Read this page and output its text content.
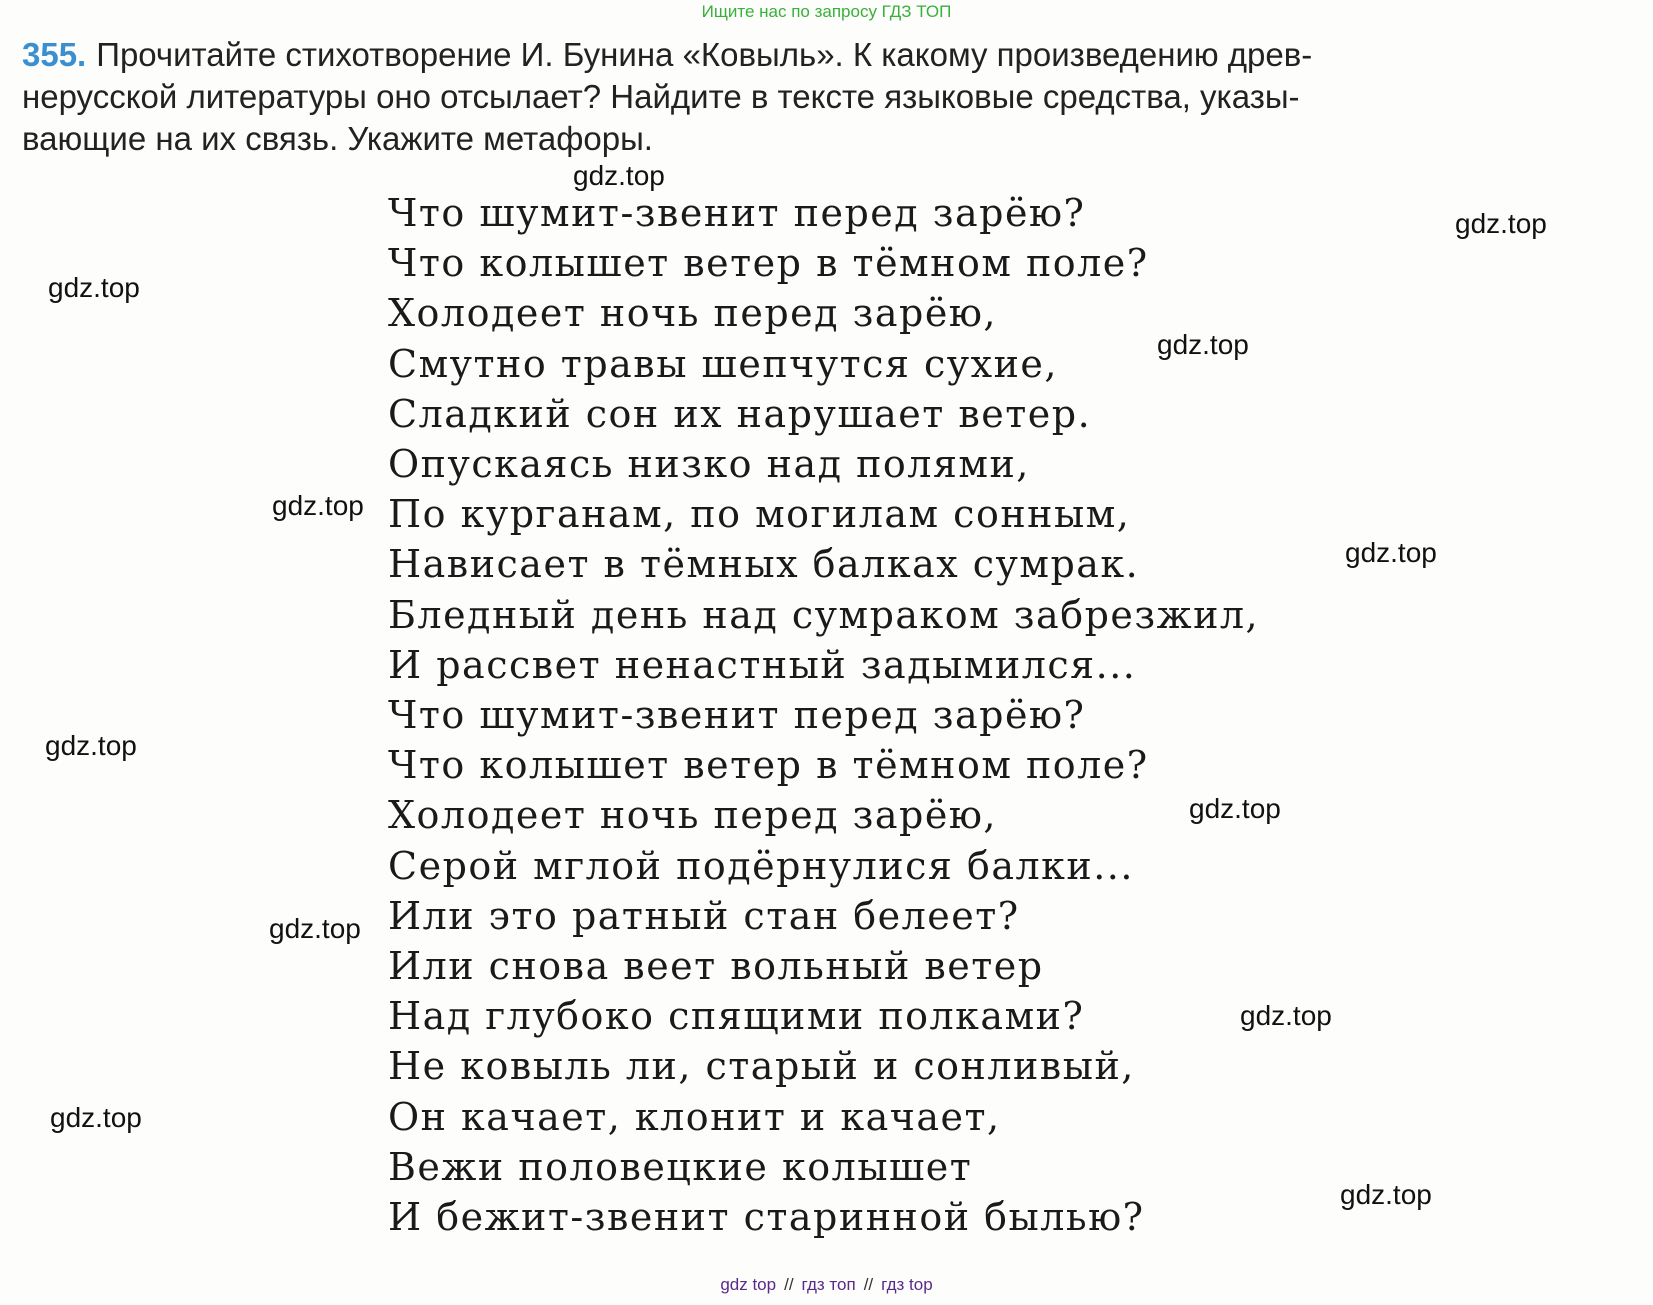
Ищите нас по запросу ГДЗ ТОП
355. Прочитайте стихотворение И. Бунина «Ковыль». К какому произведению древ-
нерусской литературы оно отсылает? Найдите в тексте языковые средства, указы-
вающие на их связь. Укажите метафоры.
Что шумит-звенит перед зарёю?
Что колышет ветер в тёмном поле?
Холодеет ночь перед зарёю,
Смутно травы шепчутся сухие,
Сладкий сон их нарушает ветер.
Опускаясь низко над полями,
По курганам, по могилам сонным,
Нависает в тёмных балках сумрак.
Бледный день над сумраком забрезжил,
И рассвет ненастный задымился...
Что шумит-звенит перед зарёю?
Что колышет ветер в тёмном поле?
Холодеет ночь перед зарёю,
Серой мглой подёрнулися балки...
Или это ратный стан белеет?
Или снова веет вольный ветер
Над глубоко спящими полками?
Не ковыль ли, старый и сонливый,
Он качает, клонит и качает,
Вежи половецкие колышет
И бежит-звенит старинной былью?
gdz.top
gdz.top
gdz.top
gdz.top
gdz.top
gdz.top
gdz.top
gdz.top
gdz.top
gdz.top
gdz.top
gdz.top
gdz top // гдз топ // гдз top
